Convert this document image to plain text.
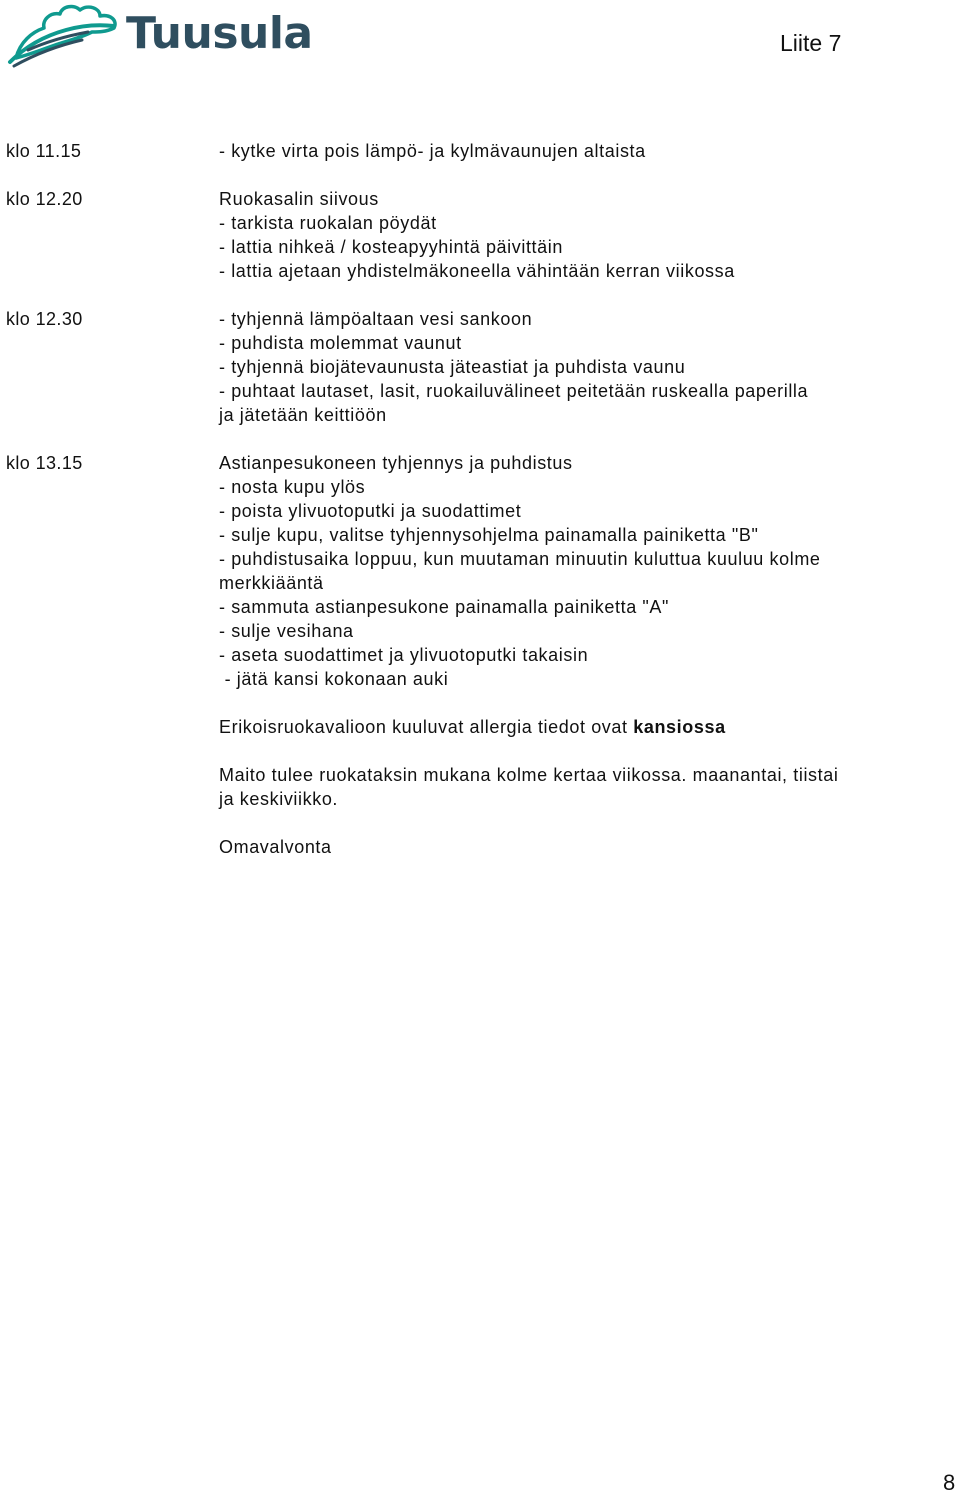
Tuusula	Liite 7
klo 11.15	- kytke virta pois lämpö- ja kylmävaunujen altaista
klo 12.20	Ruokasalin siivous
- tarkista ruokalan pöydät
- lattia nihkeä / kosteapyyhintä päivittäin
- lattia ajetaan yhdistelmäkoneella vähintään kerran viikossa
klo 12.30	- tyhjennä lämpöaltaan vesi sankoon
- puhdista molemmat vaunut
- tyhjennä biojätevaunusta jäteastiat ja puhdista vaunu
- puhtaat lautaset, lasit, ruokailuvälineet peitetään ruskealla paperilla
ja jätetään keittiöön
klo 13.15	Astianpesukoneen tyhjennys ja puhdistus
- nosta kupu ylös
- poista ylivuotoputki ja suodattimet
- sulje kupu, valitse tyhjennysohjelma painamalla painiketta "B"
- puhdistusaika loppuu, kun muutaman minuutin kuluttua kuuluu kolme
merkkiääntä
- sammuta astianpesukone painamalla painiketta "A"
- sulje vesihana
- aseta suodattimet ja ylivuotoputki takaisin
- jätä kansi kokonaan auki
Erikoisruokavalioon kuuluvat allergia tiedot ovat kansiossa
Maito tulee ruokataksin mukana kolme kertaa viikossa. maanantai, tiistai
ja keskiviikko.
Omavalvonta
8
